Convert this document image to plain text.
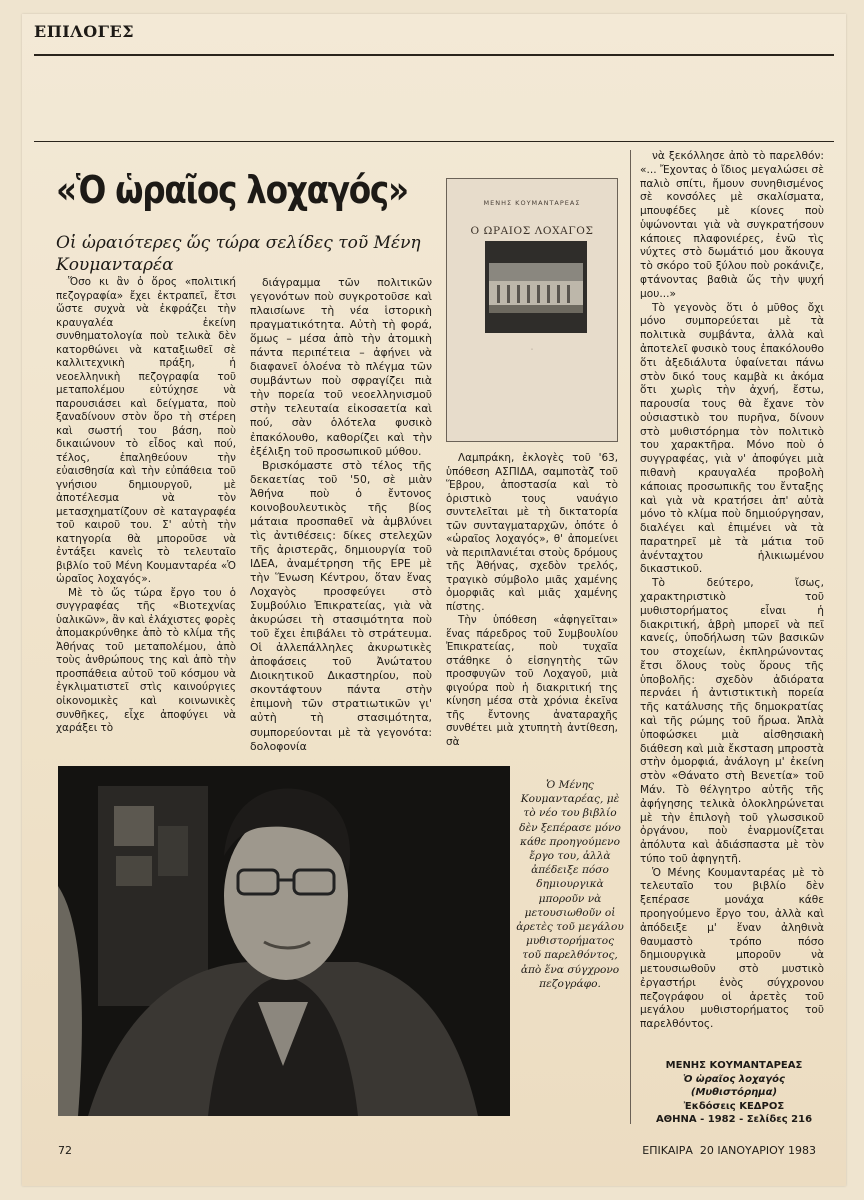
ΕΠΙΛΟΓΕΣ
«Ὁ ὡραῖος λοχαγός»
Οἱ ὡραιότερες ὥς τώρα σελίδες τοῦ Μένη Κουμανταρέα

Ὅσο κι ἂν ὁ ὅρος «πολιτική πεζογραφία» ἔχει ἐκτραπεῖ, ἔτσι ὥστε συχνὰ νὰ ἐκφράζει τὴν κραυγαλέα ἐκείνη συνθηματολογία ποὺ τελικὰ δὲν κατορθώνει νὰ καταξιωθεῖ σὲ καλλιτεχνικὴ πράξη, ἡ νεοελληνικὴ πεζογραφία τοῦ μεταπολέμου εὐτύχησε νὰ παρουσιάσει καὶ δείγματα, ποὺ ξαναδίνουν στὸν ὅρο τὴ στέρεη καὶ σωστή του βάση, ποὺ δικαιώνουν τὸ εἶδος καὶ πού, τέλος, ἐπαληθεύουν τὴν εὐαισθησία καὶ τὴν εὐπάθεια τοῦ γνήσιου δημιουργοῦ, μὲ ἀποτέλεσμα νὰ τὸν μετασχηματίζουν σὲ καταγραφέα τοῦ καιροῦ του. Σ' αὐτὴ τὴν κατηγορία θὰ μποροῦσε νὰ ἐντάξει κανεὶς τὸ τελευταῖο βιβλίο τοῦ Μένη Κουμανταρέα «Ὁ ὡραῖος λοχαγός».

Μὲ τὸ ὥς τώρα ἔργο του ὁ συγγραφέας τῆς «Βιοτεχνίας ὑαλικῶν», ἂν καὶ ἐλάχιστες φορὲς ἀπομακρύνθηκε ἀπὸ τὸ κλίμα τῆς Ἀθήνας τοῦ μεταπολέμου, ἀπὸ τοὺς ἀνθρώπους της καὶ ἀπὸ τὴν προσπάθεια αὐτοῦ τοῦ κόσμου νὰ ἐγκλιματιστεῖ στὶς καινούργιες οἰκονομικὲς καὶ κοινωνικὲς συνθῆκες, εἶχε ἀποφύγει νὰ χαράξει τὸ

διάγραμμα τῶν πολιτικῶν γεγονότων ποὺ συγκροτοῦσε καὶ πλαισίωνε τὴ νέα ἱστορικὴ πραγματικότητα. Αὐτὴ τὴ φορά, ὅμως – μέσα ἀπὸ τὴν ἀτομικὴ πάντα περιπέτεια – ἀφήνει νὰ διαφανεῖ ὁλοένα τὸ πλέγμα τῶν συμβάντων ποὺ σφραγίζει πιὰ τὴν πορεία τοῦ νεοελληνισμοῦ στὴν τελευταία εἰκοσαετία καὶ πού, σὰν ὁλότελα φυσικὸ ἐπακόλουθο, καθορίζει καὶ τὴν ἐξέλιξη τοῦ προσωπικοῦ μύθου.

Βρισκόμαστε στὸ τέλος τῆς δεκαετίας τοῦ '50, σὲ μιὰν Ἀθήνα ποὺ ὁ ἔντονος κοινοβουλευτικὸς τῆς βίος μάταια προσπαθεῖ νὰ ἀμβλύνει τὶς ἀντιθέσεις: δίκες στελεχῶν τῆς ἀριστερᾶς, δημιουργία τοῦ ΙΔΕΑ, ἀναμέτρηση τῆς ΕΡΕ μὲ τὴν Ἕνωση Κέντρου, ὅταν ἕνας Λοχαγὸς προσφεύγει στὸ Συμβούλιο Ἐπικρατείας, γιὰ νὰ ἀκυρώσει τὴ στασιμότητα ποὺ τοῦ ἔχει ἐπιβάλει τὸ στράτευμα. Οἱ ἀλλεπάλληλες ἀκυρωτικὲς ἀποφάσεις τοῦ Ἀνώτατου Διοικητικοῦ Δικαστηρίου, ποὺ σκοντάφτουν πάντα στὴν ἐπιμονὴ τῶν στρατιωτικῶν γι' αὐτὴ τὴ στασιμότητα, συμπορεύονται μὲ τὰ γεγονότα: δολοφονία

Λαμπράκη, ἐκλογὲς τοῦ '63, ὑπόθεση ΑΣΠΙΔΑ, σαμποτὰζ τοῦ Ἕβρου, ἀποστασία καὶ τὸ ὁριστικὸ τους ναυάγιο συντελεῖται μὲ τὴ δικτατορία τῶν συνταγματαρχῶν, ὁπότε ὁ «ὡραῖος λοχαγός», θ' ἀπομείνει νὰ περιπλανιέται στοὺς δρόμους τῆς Ἀθήνας, σχεδὸν τρελός, τραγικὸ σύμβολο μιᾶς χαμένης ὀμορφιᾶς καὶ μιᾶς χαμένης πίστης.

Τὴν ὑπόθεση «ἀφηγεῖται» ἕνας πάρεδρος τοῦ Συμβουλίου Ἐπικρατείας, ποὺ τυχαῖα στάθηκε ὁ εἰσηγητὴς τῶν προσφυγῶν τοῦ Λοχαγοῦ, μιὰ φιγούρα ποὺ ἡ διακριτική της κίνηση μέσα στὰ χρόνια ἐκεῖνα τῆς ἔντονης ἀναταραχῆς συνθέτει μιὰ χτυπητὴ ἀντίθεση, σὰ

νὰ ξεκόλλησε ἀπὸ τὸ παρελθόν: «... Ἔχοντας ὁ ἴδιος μεγαλώσει σὲ παλιὸ σπίτι, ἤμουν συνηθισμένος σὲ κονσόλες μὲ σκαλίσματα, μπουφέδες μὲ κίονες ποὺ ὑψώνονται γιὰ νὰ συγκρατήσουν κάποιες πλαφονιέρες, ἐνῶ τὶς νύχτες στὸ δωμάτιό μου ἄκουγα τὸ σκόρο τοῦ ξύλου ποὺ ροκάνιζε, φτάνοντας βαθιὰ ὥς τὴν ψυχή μου...»

Τὸ γεγονὸς ὅτι ὁ μῦθος ὄχι μόνο συμπορεύεται μὲ τὰ πολιτικὰ συμβάντα, ἀλλὰ καὶ ἀποτελεῖ φυσικὸ τους ἐπακόλουθο ὅτι ἀξεδιάλυτα ὑφαίνεται πάνω στὸν δικό τους καμβὰ κι ἀκόμα ὅτι χωρὶς τὴν ἀχνή, ἔστω, παρουσία τους θὰ ἔχανε τὸν οὐσιαστικὸ του πυρῆνα, δίνουν στὸ μυθιστόρημα τὸν πολιτικὸ του χαρακτῆρα. Μόνο ποὺ ὁ συγγραφέας, γιὰ ν' ἀποφύγει μιὰ πιθανὴ κραυγαλέα προβολὴ κάποιας προσωπικῆς του ἔνταξης καὶ γιὰ νὰ κρατήσει ἀπ' αὐτὰ μόνο τὸ κλίμα ποὺ δημιούργησαν, διαλέγει καὶ ἐπιμένει νὰ τὰ παρατηρεῖ μὲ τὰ μάτια τοῦ ἀνένταχτου ἡλικιωμένου δικαστικοῦ.

Τὸ δεύτερο, ἴσως, χαρακτηριστικὸ τοῦ μυθιστορήματος εἶναι ἡ διακριτική, ἁβρὴ μπορεῖ νὰ πεῖ κανείς, ὑποδήλωση τῶν βασικῶν του στοχείων, ἐκπληρώνοντας ἔτσι ὅλους τοὺς ὅρους τῆς ὑποβολῆς: σχεδὸν ἀδιόρατα περνάει ἡ ἀντιστικτικὴ πορεία τῆς κατάλυσης τῆς δημοκρατίας καὶ τῆς ρώμης τοῦ ἥρωα. Ἁπλὰ ὑποφώσκει μιὰ αἰσθησιακὴ διάθεση καὶ μιὰ ἔκσταση μπροστὰ στὴν ὀμορφιά, ἀνάλογη μ' ἐκείνη στὸν «Θάνατο στὴ Βενετία» τοῦ Μάν. Τὸ θέλγητρο αὐτῆς τῆς ἀφήγησης τελικὰ ὁλοκληρώνεται μὲ τὴν ἐπιλογὴ τοῦ γλωσσικοῦ ὀργάνου, ποὺ ἐναρμονίζεται ἀπόλυτα καὶ ἀδιάσπαστα μὲ τὸν τύπο τοῦ ἀφηγητῆ.

Ὁ Μένης Κουμανταρέας μὲ τὸ τελευταῖο του βιβλίο δὲν ξεπέρασε μονάχα κάθε προηγούμενο ἔργο του, ἀλλὰ καὶ ἀπόδειξε μ' ἕναν ἀληθινὰ θαυμαστὸ τρόπο πόσο δημιουργικὰ μποροῦν νὰ μετουσιωθοῦν στὸ μυστικὸ ἐργαστήρι ἑνὸς σύγχρονου πεζογράφου οἱ ἀρετὲς τοῦ μεγάλου μυθιστορήματος τοῦ παρελθόντος.

ΜΕΝΗΣ ΚΟΥΜΑΝΤΑΡΕΑΣ
Ο ΩΡΑΙΟΣ ΛΟΧΑΓΟΣ
◦
Ὁ Μένης Κουμανταρέας, μὲ τὸ νέο του βιβλίο δὲν ξεπέρασε μόνο κάθε προηγούμενο ἔργο του, ἀλλὰ ἀπέδειξε πόσο δημιουργικὰ μποροῦν νὰ μετουσιωθοῦν οἱ ἀρετὲς τοῦ μεγάλου μυθιστορήματος τοῦ παρελθόντος, ἀπὸ ἕνα σύγχρονο πεζογράφο.
ΜΕΝΗΣ ΚΟΥΜΑΝΤΑΡΕΑΣ
Ὁ ὡραῖος λοχαγός
(Μυθιστόρημα)
Ἐκδόσεις ΚΕΔΡΟΣ
ΑΘΗΝΑ - 1982 - Σελίδες 216
72	ΕΠΙΚΑΙΡΑ  20 ΙΑΝΟΥΑΡΙΟΥ 1983
